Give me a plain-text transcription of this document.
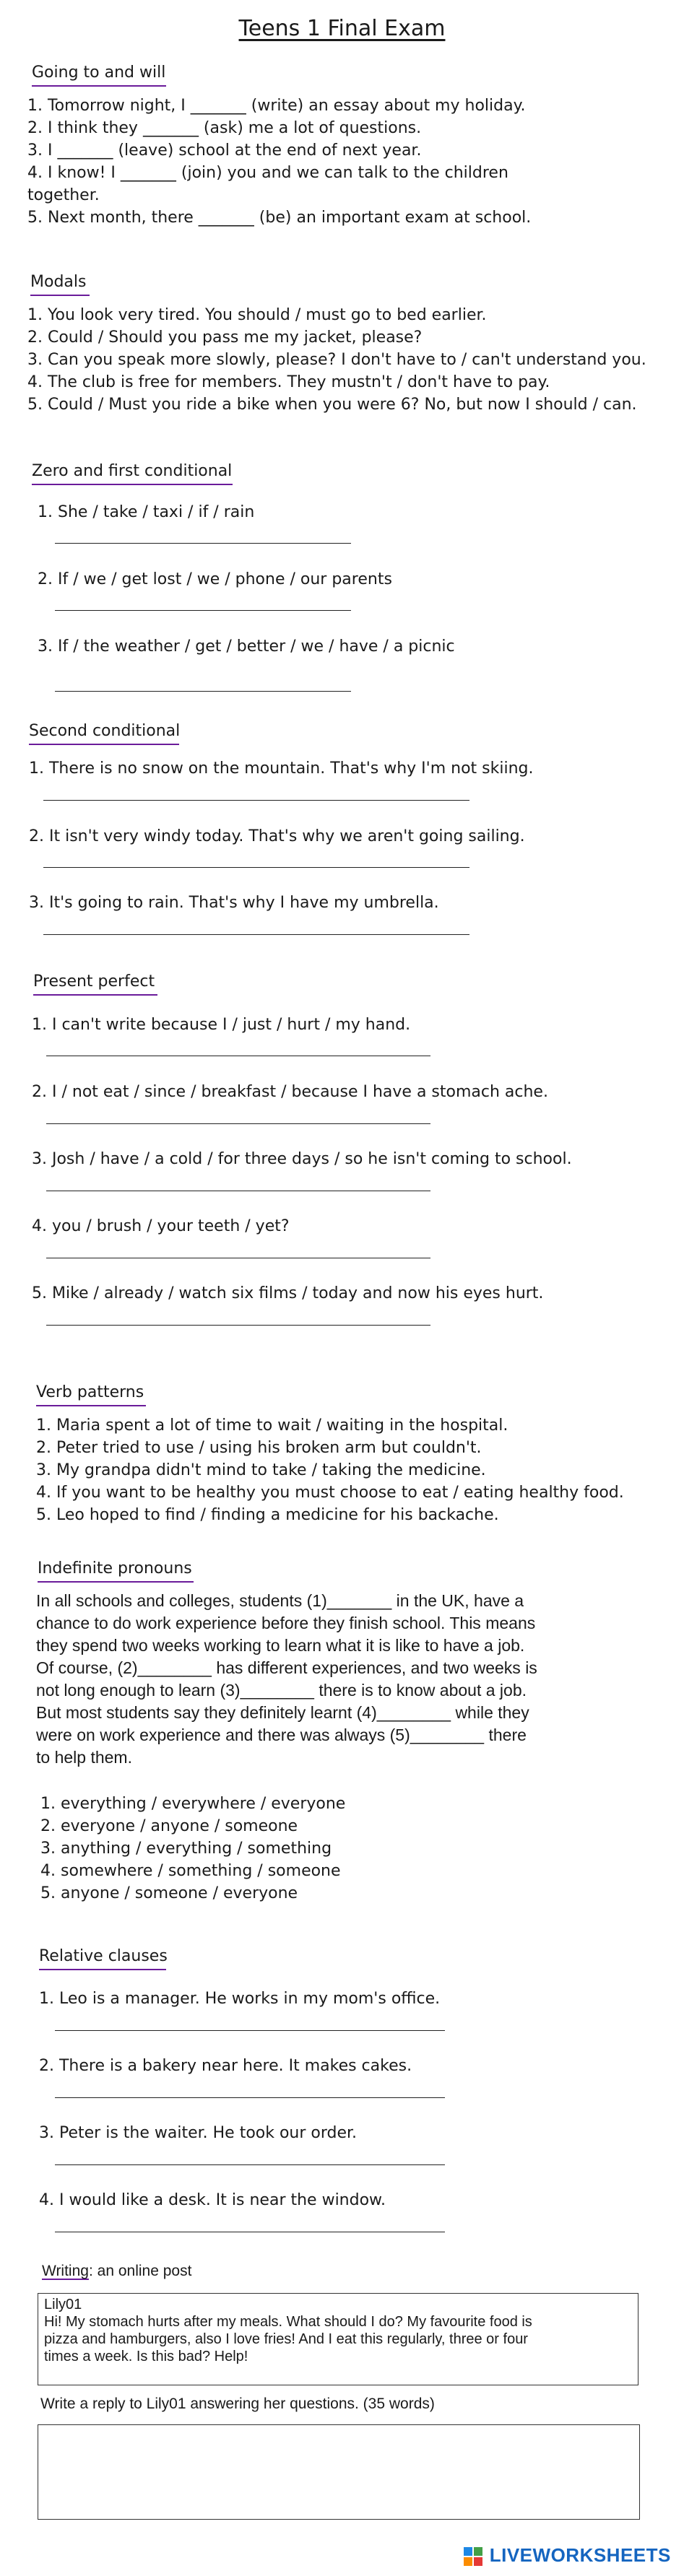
Teens 1 Final Exam
Going to and will
1. Tomorrow night, I _______ (write) an essay about my holiday.
2. I think they _______ (ask) me a lot of questions.
3. I _______ (leave) school at the end of next year.
4. I know! I _______ (join) you and we can talk to the children
together.
5. Next month, there _______ (be) an important exam at school.
Modals
1. You look very tired. You should / must go to bed earlier.
2. Could / Should you pass me my jacket, please?
3. Can you speak more slowly, please? I don't have to / can't understand you.
4. The club is free for members. They mustn't / don't have to pay.
5. Could / Must you ride a bike when you were 6? No, but now I should / can.
Zero and first conditional
1. She / take / taxi / if / rain
2. If / we / get lost / we / phone / our parents
3. If / the weather / get / better / we / have / a picnic
Second conditional
1. There is no snow on the mountain. That's why I'm not skiing.
2. It isn't very windy today. That's why we aren't going sailing.
3. It's going to rain. That's why I have my umbrella.
Present perfect
1. I can't write because I / just / hurt / my hand.
2. I / not eat / since / breakfast / because I have a stomach ache.
3. Josh / have / a cold / for three days / so he isn't coming to school.
4. you / brush / your teeth / yet?
5. Mike / already / watch six films / today and now his eyes hurt.
Verb patterns
1. Maria spent a lot of time to wait / waiting in the hospital.
2. Peter tried to use / using his broken arm but couldn't.
3. My grandpa didn't mind to take / taking the medicine.
4. If you want to be healthy you must choose to eat / eating healthy food.
5. Leo hoped to find / finding a medicine for his backache.
Indefinite pronouns
In all schools and colleges, students (1)_______ in the UK, have a
chance to do work experience before they finish school. This means
they spend two weeks working to learn what it is like to have a job.
Of course, (2)________ has different experiences, and two weeks is
not long enough to learn (3)________ there is to know about a job.
But most students say they definitely learnt (4)________ while they
were on work experience and there was always (5)________ there
to help them.
1. everything / everywhere / everyone
2. everyone / anyone / someone
3. anything / everything / something
4. somewhere / something / someone
5. anyone / someone / everyone
Relative clauses
1. Leo is a manager. He works in my mom's office.
2. There is a bakery near here. It makes cakes.
3. Peter is the waiter. He took our order.
4. I would like a desk. It is near the window.
Writing: an online post
Lily01
Hi! My stomach hurts after my meals. What should I do? My favourite food is
pizza and hamburgers, also I love fries! And I eat this regularly, three or four
times a week. Is this bad? Help!
Write a reply to Lily01 answering her questions. (35 words)
LIVEWORKSHEETS
